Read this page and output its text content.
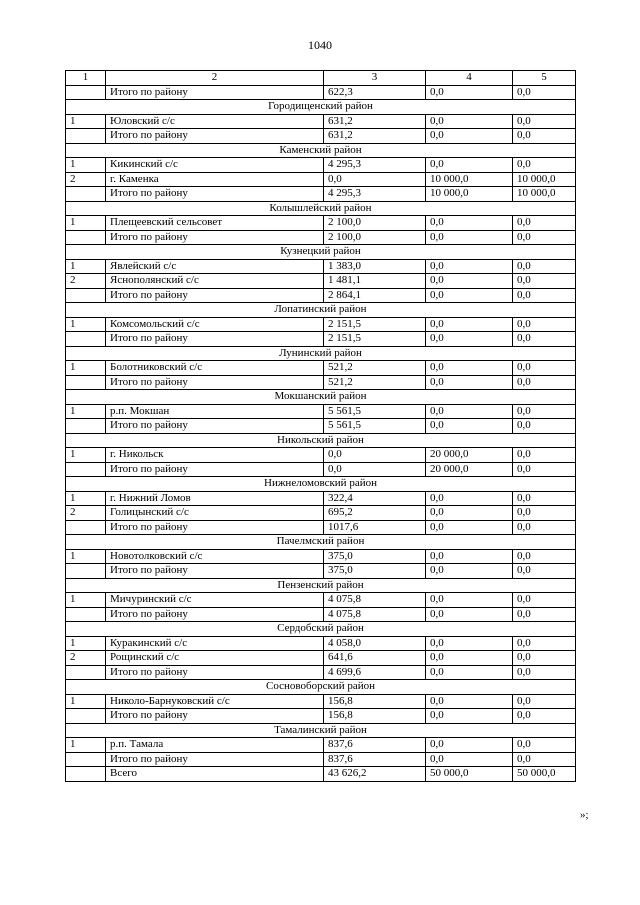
1040
1	2	3	4	5
	Итого по району	622,3	0,0	0,0
Городищенский район				
1	Юловский с/с	631,2	0,0	0,0
	Итого по району	631,2	0,0	0,0
Каменский район				
1	Кикинский с/с	4 295,3	0,0	0,0
2	г. Каменка	0,0	10 000,0	10 000,0
	Итого по району	4 295,3	10 000,0	10 000,0
Колышлейский район				
1	Плещеевский сельсовет	2 100,0	0,0	0,0
	Итого по району	2 100,0	0,0	0,0
Кузнецкий район				
1	Явлейский с/с	1 383,0	0,0	0,0
2	Яснополянский с/с	1 481,1	0,0	0,0
	Итого по району	2 864,1	0,0	0,0
Лопатинский район				
1	Комсомольский с/с	2 151,5	0,0	0,0
	Итого по району	2 151,5	0,0	0,0
Лунинский район				
1	Болотниковский с/с	521,2	0,0	0,0
	Итого по району	521,2	0,0	0,0
Мокшанский район				
1	р.п. Мокшан	5 561,5	0,0	0,0
	Итого по району	5 561,5	0,0	0,0
Никольский район				
1	г. Никольск	0,0	20 000,0	0,0
	Итого по району	0,0	20 000,0	0,0
Нижнеломовский район				
1	г. Нижний Ломов	322,4	0,0	0,0
2	Голицынский с/с	695,2	0,0	0,0
	Итого по району	1017,6	0,0	0,0
Пачелмский район				
1	Новотолковский с/с	375,0	0,0	0,0
	Итого по району	375,0	0,0	0,0
Пензенский район				
1	Мичуринский с/с	4 075,8	0,0	0,0
	Итого по району	4 075,8	0,0	0,0
Сердобский район				
1	Куракинский с/с	4 058,0	0,0	0,0
2	Рощинский с/с	641,6	0,0	0,0
	Итого по району	4 699,6	0,0	0,0
Сосновоборский район				
1	Николо-Барнуковский с/с	156,8	0,0	0,0
	Итого по району	156,8	0,0	0,0
Тамалинский район				
1	р.п. Тамала	837,6	0,0	0,0
	Итого по району	837,6	0,0	0,0
	Всего	43 626,2	50 000,0	50 000,0
»;
